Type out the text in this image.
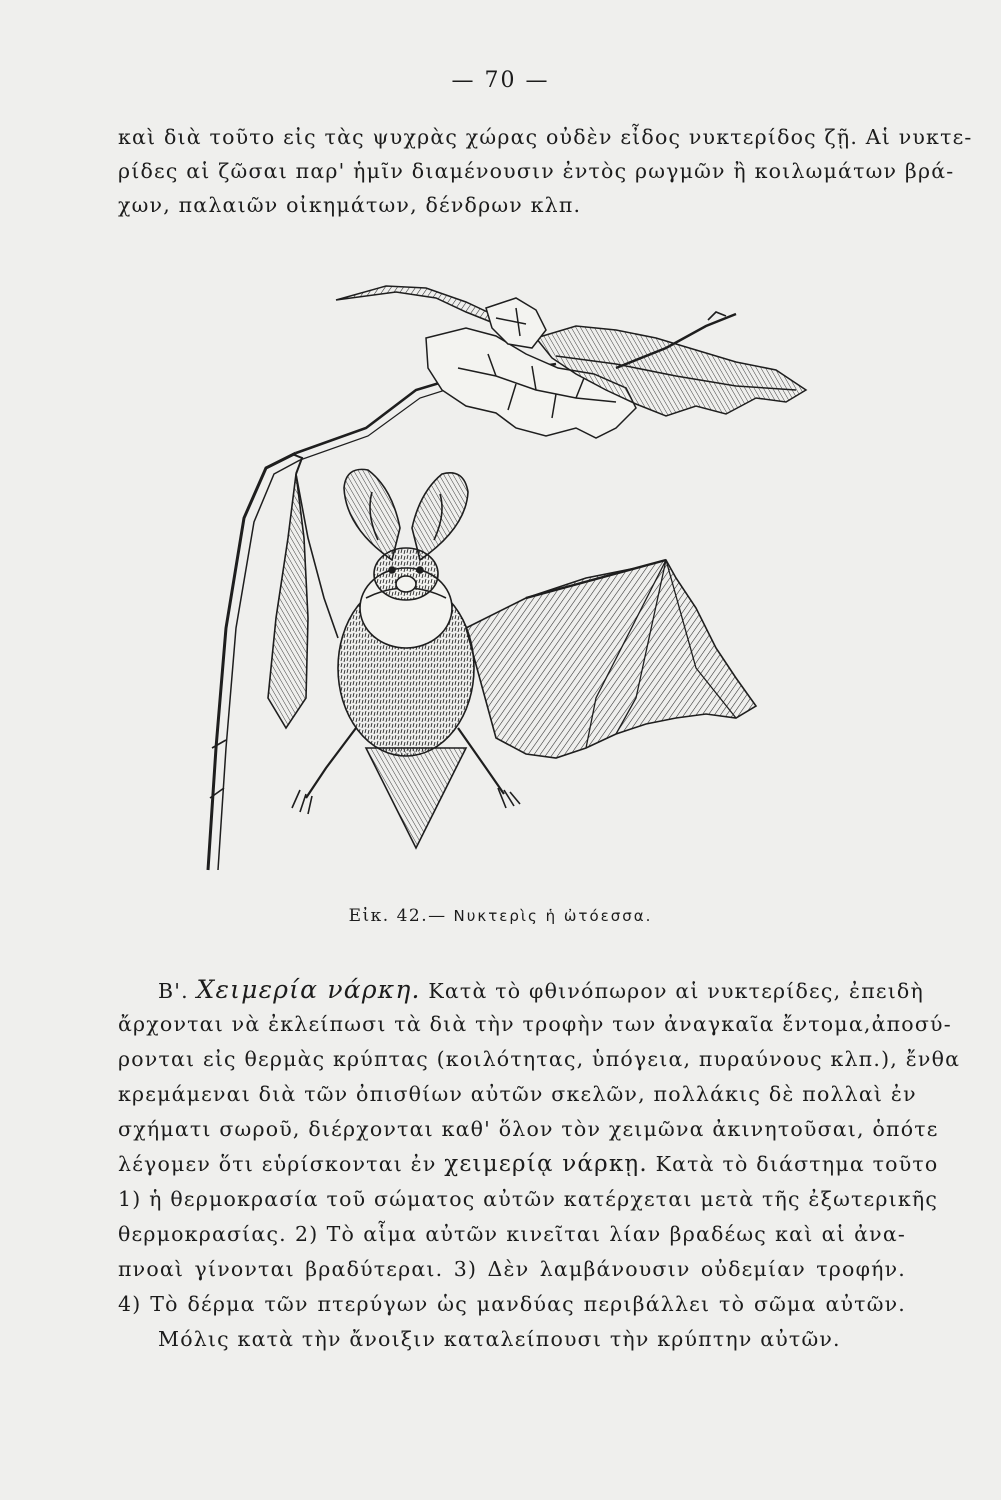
— 70 —
καὶ διὰ τοῦτο εἰς τὰς ψυχρὰς χώρας οὐδὲν εἶδος νυκτερίδος ζῇ. Αἱ νυκτε-
ρίδες αἱ ζῶσαι παρ' ἡμῖν διαμένουσιν ἐντὸς ρωγμῶν ἢ κοιλωμάτων βρά-
χων, παλαιῶν οἰκημάτων, δένδρων κλπ.
Εἰκ. 42.— Νυκτερὶς ἡ ὠτόεσσα.
Β'. Χειμερία νάρκη. Κατὰ τὸ φθινόπωρον αἱ νυκτερίδες, ἐπειδὴ
ἄρχονται νὰ ἐκλείπωσι τὰ διὰ τὴν τροφὴν των ἀναγκαῖα ἔντομα,ἀποσύ-
ρονται εἰς θερμὰς κρύπτας (κοιλότητας, ὑπόγεια, πυραύνους κλπ.), ἔνθα
κρεμάμεναι διὰ τῶν ὀπισθίων αὐτῶν σκελῶν, πολλάκις δὲ πολλαὶ ἐν
σχήματι σωροῦ, διέρχονται καθ' ὅλον τὸν χειμῶνα ἀκινητοῦσαι, ὁπότε
λέγομεν ὅτι εὑρίσκονται ἐν χειμερίᾳ νάρκῃ. Κατὰ τὸ διάστημα τοῦτο
1) ἡ θερμοκρασία τοῦ σώματος αὐτῶν κατέρχεται μετὰ τῆς ἐξωτερικῆς
θερμοκρασίας. 2) Τὸ αἷμα αὐτῶν κινεῖται λίαν βραδέως καὶ αἱ ἀνα-
πνοαὶ γίνονται βραδύτεραι. 3) Δὲν λαμβάνουσιν οὐδεμίαν τροφήν.
4) Τὸ δέρμα τῶν πτερύγων ὡς μανδύας περιβάλλει τὸ σῶμα αὐτῶν.
Μόλις κατὰ τὴν ἄνοιξιν καταλείπουσι τὴν κρύπτην αὐτῶν.
